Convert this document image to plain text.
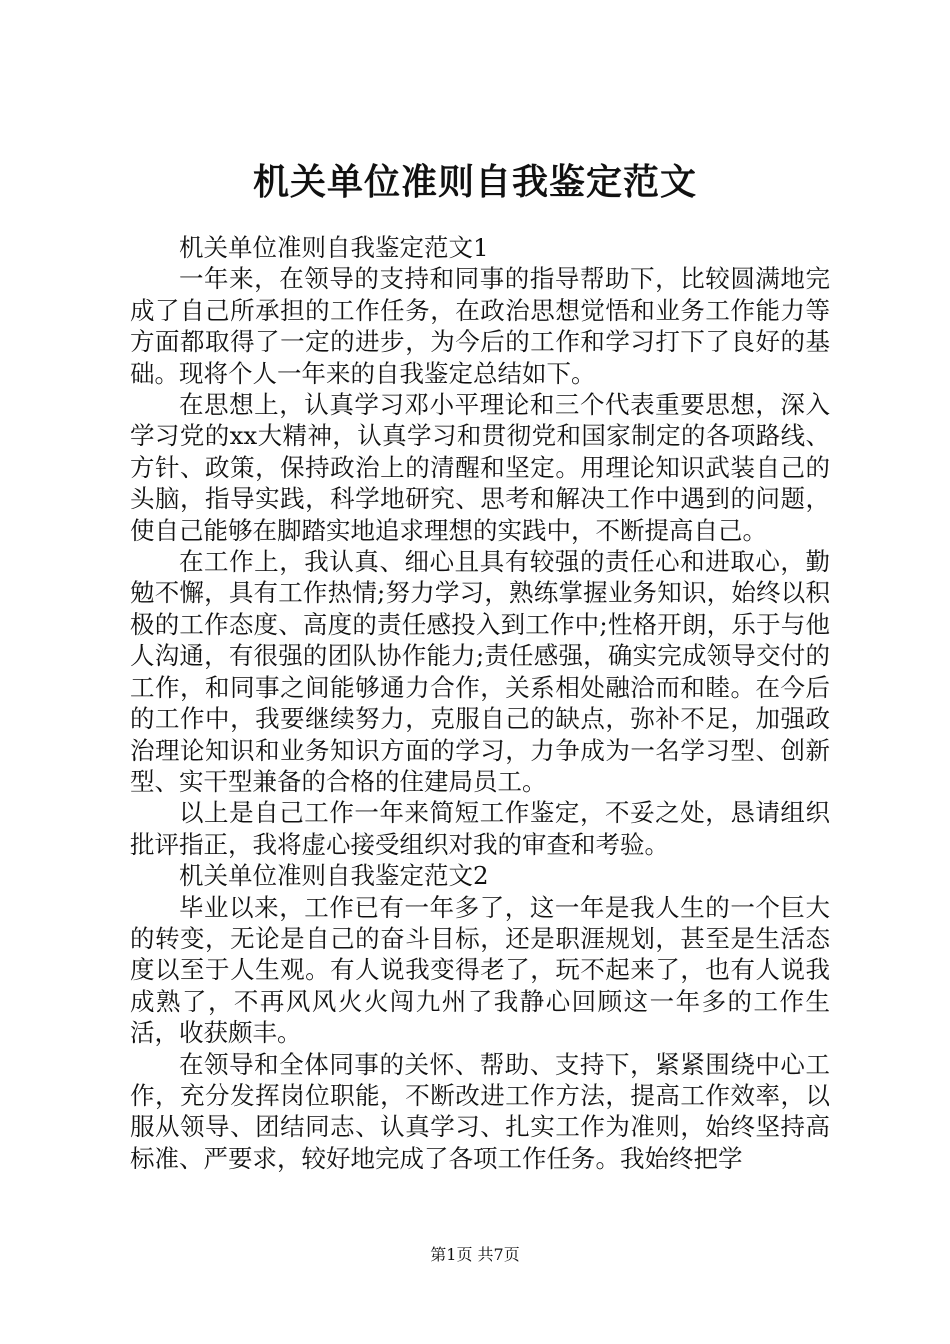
机关单位准则自我鉴定范文

机关单位准则自我鉴定范文1

一年来，在领导的支持和同事的指导帮助下，比较圆满地完成了自己所承担的工作任务，在政治思想觉悟和业务工作能力等方面都取得了一定的进步，为今后的工作和学习打下了良好的基础。现将个人一年来的自我鉴定总结如下。

在思想上，认真学习邓小平理论和三个代表重要思想，深入学习党的xx大精神，认真学习和贯彻党和国家制定的各项路线、方针、政策，保持政治上的清醒和坚定。用理论知识武装自己的头脑，指导实践，科学地研究、思考和解决工作中遇到的问题，使自己能够在脚踏实地追求理想的实践中，不断提高自己。

在工作上，我认真、细心且具有较强的责任心和进取心，勤勉不懈，具有工作热情;努力学习，熟练掌握业务知识，始终以积极的工作态度、高度的责任感投入到工作中;性格开朗，乐于与他人沟通，有很强的团队协作能力;责任感强，确实完成领导交付的工作，和同事之间能够通力合作，关系相处融洽而和睦。在今后的工作中，我要继续努力，克服自己的缺点，弥补不足，加强政治理论知识和业务知识方面的学习，力争成为一名学习型、创新型、实干型兼备的合格的住建局员工。

以上是自己工作一年来简短工作鉴定，不妥之处，恳请组织批评指正，我将虚心接受组织对我的审查和考验。

机关单位准则自我鉴定范文2

毕业以来，工作已有一年多了，这一年是我人生的一个巨大的转变，无论是自己的奋斗目标，还是职涯规划，甚至是生活态度以至于人生观。有人说我变得老了，玩不起来了，也有人说我成熟了，不再风风火火闯九州了我静心回顾这一年多的工作生活，收获颇丰。

在领导和全体同事的关怀、帮助、支持下，紧紧围绕中心工作，充分发挥岗位职能，不断改进工作方法，提高工作效率，以服从领导、团结同志、认真学习、扎实工作为准则，始终坚持高标准、严要求，较好地完成了各项工作任务。我始终把学

第1页 共7页
